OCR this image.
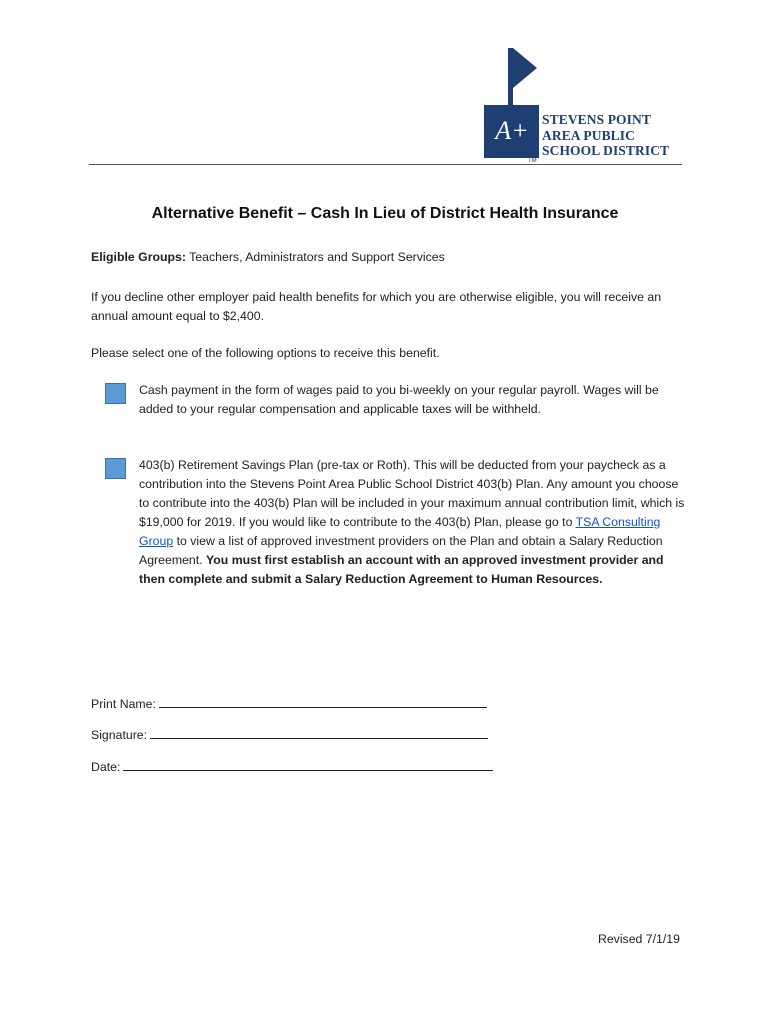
A+ STEVENS POINT
AREA PUBLIC
SCHOOL DISTRICT
TM
Alternative Benefit – Cash In Lieu of District Health Insurance
Eligible Groups: Teachers, Administrators and Support Services
If you decline other employer paid health benefits for which you are otherwise eligible, you will receive an annual amount equal to $2,400.
Please select one of the following options to receive this benefit.
Cash payment in the form of wages paid to you bi-weekly on your regular payroll. Wages will be added to your regular compensation and applicable taxes will be withheld.
403(b) Retirement Savings Plan (pre-tax or Roth). This will be deducted from your paycheck as a contribution into the Stevens Point Area Public School District 403(b) Plan. Any amount you choose to contribute into the 403(b) Plan will be included in your maximum annual contribution limit, which is $19,000 for 2019. If you would like to contribute to the 403(b) Plan, please go to TSA Consulting Group to view a list of approved investment providers on the Plan and obtain a Salary Reduction Agreement. You must first establish an account with an approved investment provider and then complete and submit a Salary Reduction Agreement to Human Resources.
Print Name:
Signature:
Date:
Revised 7/1/19
